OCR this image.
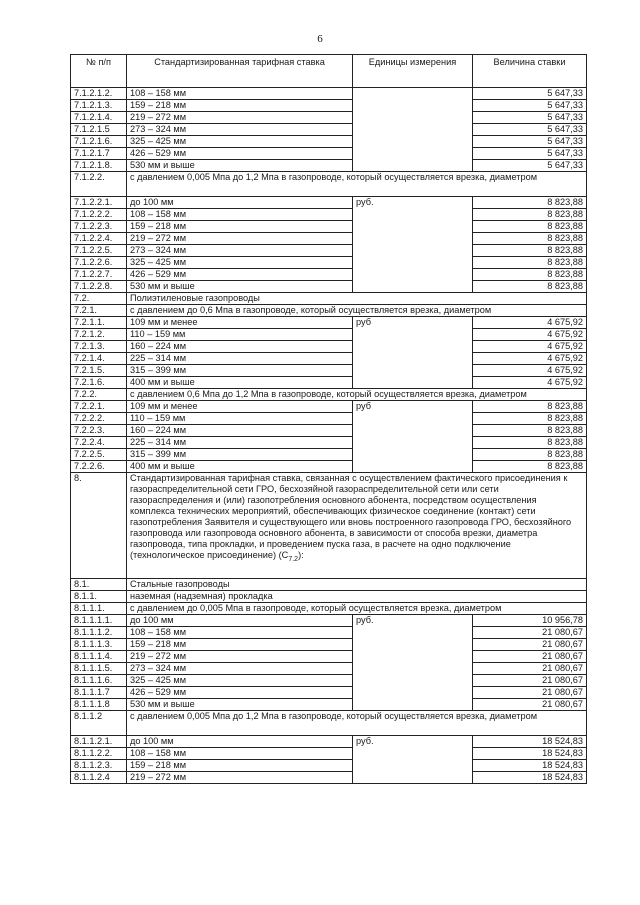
6
№ п/п	Стандартизированная тарифная ставка	Единицы измерения	Величина ставки
7.1.2.1.2.	108 – 158 мм		5 647,33
7.1.2.1.3.	159 – 218 мм		5 647,33
7.1.2.1.4.	219 – 272 мм		5 647,33
7.1.2.1.5	273 – 324 мм		5 647,33
7.1.2.1.6.	325 – 425 мм		5 647,33
7.1.2.1.7	426 – 529 мм		5 647,33
7.1.2.1.8.	530 мм и выше		5 647,33
7.1.2.2.	с давлением 0,005 Мпа до 1,2 Мпа в газопроводе, который осуществляется врезка, диаметром		
7.1.2.2.1.	до 100 мм	руб.	8 823,88
7.1.2.2.2.	108 – 158 мм		8 823,88
7.1.2.2.3.	159 – 218 мм		8 823,88
7.1.2.2.4.	219 – 272 мм		8 823,88
7.1.2.2.5.	273 – 324 мм		8 823,88
7.1.2.2.6.	325 – 425 мм		8 823,88
7.1.2.2.7.	426 – 529 мм		8 823,88
7.1.2.2.8.	530 мм и выше		8 823,88
7.2.	Полиэтиленовые газопроводы		
7.2.1.	с давлением до 0,6 Мпа в газопроводе, который осуществляется врезка, диаметром		
7.2.1.1.	109 мм и менее	руб	4 675,92
7.2.1.2.	110 – 159 мм		4 675,92
7.2.1.3.	160 – 224 мм		4 675,92
7.2.1.4.	225 – 314 мм		4 675,92
7.2.1.5.	315 – 399 мм		4 675,92
7.2.1.6.	400 мм и выше		4 675,92
7.2.2.	с давлением 0,6 Мпа до 1,2 Мпа в газопроводе, который осуществляется врезка, диаметром		
7.2.2.1.	109 мм и менее	руб	8 823,88
7.2.2.2.	110 – 159 мм		8 823,88
7.2.2.3.	160 – 224 мм		8 823,88
7.2.2.4.	225 – 314 мм		8 823,88
7.2.2.5.	315 – 399 мм		8 823,88
7.2.2.6.	400 мм и выше		8 823,88
8.	Стандартизированная тарифная ставка, связанная с осуществлением фактического присоединения к газораспределительной сети ГРО, бесхозяйной газораспределительной сети или сети газораспределения и (или) газопотребления основного абонента, посредством осуществления комплекса технических мероприятий, обеспечивающих физическое соединение (контакт) сети газопотребления Заявителя и существующего или вновь построенного газопровода ГРО, бесхозяйного газопровода или газопровода основного абонента, в зависимости от способа врезки, диаметра газопровода, типа прокладки, и проведением пуска газа, в расчете на одно подключение (технологическое присоединение) $(С_{7.2})$:		
8.1.	Стальные газопроводы		
8.1.1.	наземная (надземная) прокладка		
8.1.1.1.	с давлением до 0,005 Мпа в газопроводе, который осуществляется врезка, диаметром		
8.1.1.1.1.	до 100 мм	руб.	10 956,78
8.1.1.1.2.	108 – 158 мм		21 080,67
8.1.1.1.3.	159 – 218 мм		21 080,67
8.1.1.1.4.	219 – 272 мм		21 080,67
8.1.1.1.5.	273 – 324 мм		21 080,67
8.1.1.1.6.	325 – 425 мм		21 080,67
8.1.1.1.7	426 – 529 мм		21 080,67
8.1.1.1.8	530 мм и выше		21 080,67
8.1.1.2	с давлением 0,005 Мпа до 1,2 Мпа в газопроводе, который осуществляется врезка, диаметром		
8.1.1.2.1.	до 100 мм	руб.	18 524,83
8.1.1.2.2.	108 – 158 мм		18 524,83
8.1.1.2.3.	159 – 218 мм		18 524,83
8.1.1.2.4	219 – 272 мм		18 524,83
